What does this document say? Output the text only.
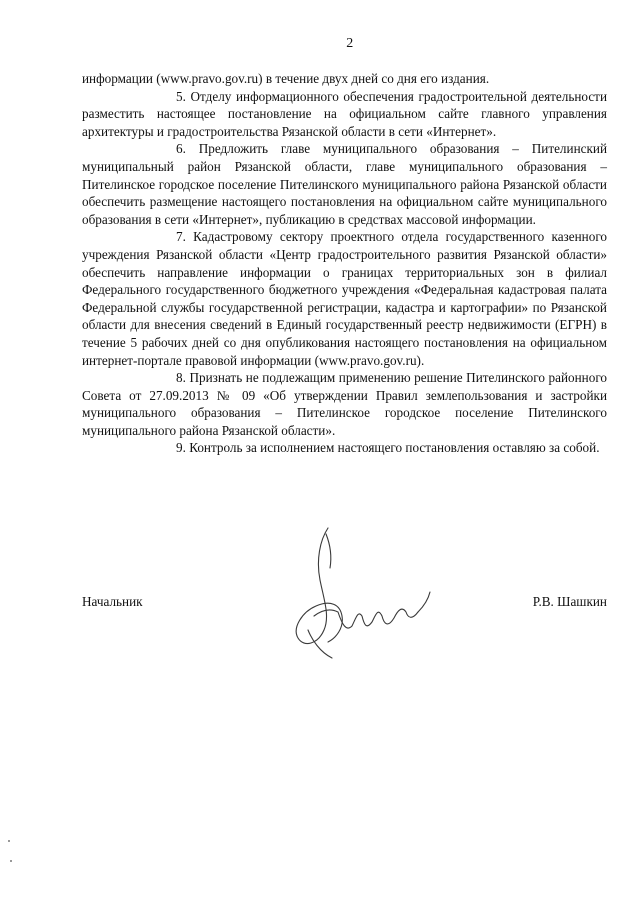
2

информации (www.pravo.gov.ru) в течение двух дней со дня его издания.

5. Отделу информационного обеспечения градостроительной деятельности разместить настоящее постановление на официальном сайте главного управления архитектуры и градостроительства Рязанской области в сети «Интернет».

6. Предложить главе муниципального образования – Пителинский муниципальный район Рязанской области, главе муниципального образования – Пителинское городское поселение Пителинского муниципального района Рязанской области обеспечить размещение настоящего постановления на официальном сайте муниципального образования в сети «Интернет», публикацию в средствах массовой информации.

7. Кадастровому сектору проектного отдела государственного казенного учреждения Рязанской области «Центр градостроительного развития Рязанской области» обеспечить направление информации о границах территориальных зон в филиал Федерального государственного бюджетного учреждения «Федеральная кадастровая палата Федеральной службы государственной регистрации, кадастра и картографии» по Рязанской области для внесения сведений в Единый государственный реестр недвижимости (ЕГРН) в течение 5 рабочих дней со дня опубликования настоящего постановления на официальном интернет-портале правовой информации (www.pravo.gov.ru).

8. Признать не подлежащим применению решение Пителинского районного Совета от 27.09.2013 № 09 «Об утверждении Правил землепользования и застройки муниципального образования – Пителинское городское поселение Пителинского муниципального района Рязанской области».

9. Контроль за исполнением настоящего постановления оставляю за собой.

Начальник	Р.В. Шашкин
